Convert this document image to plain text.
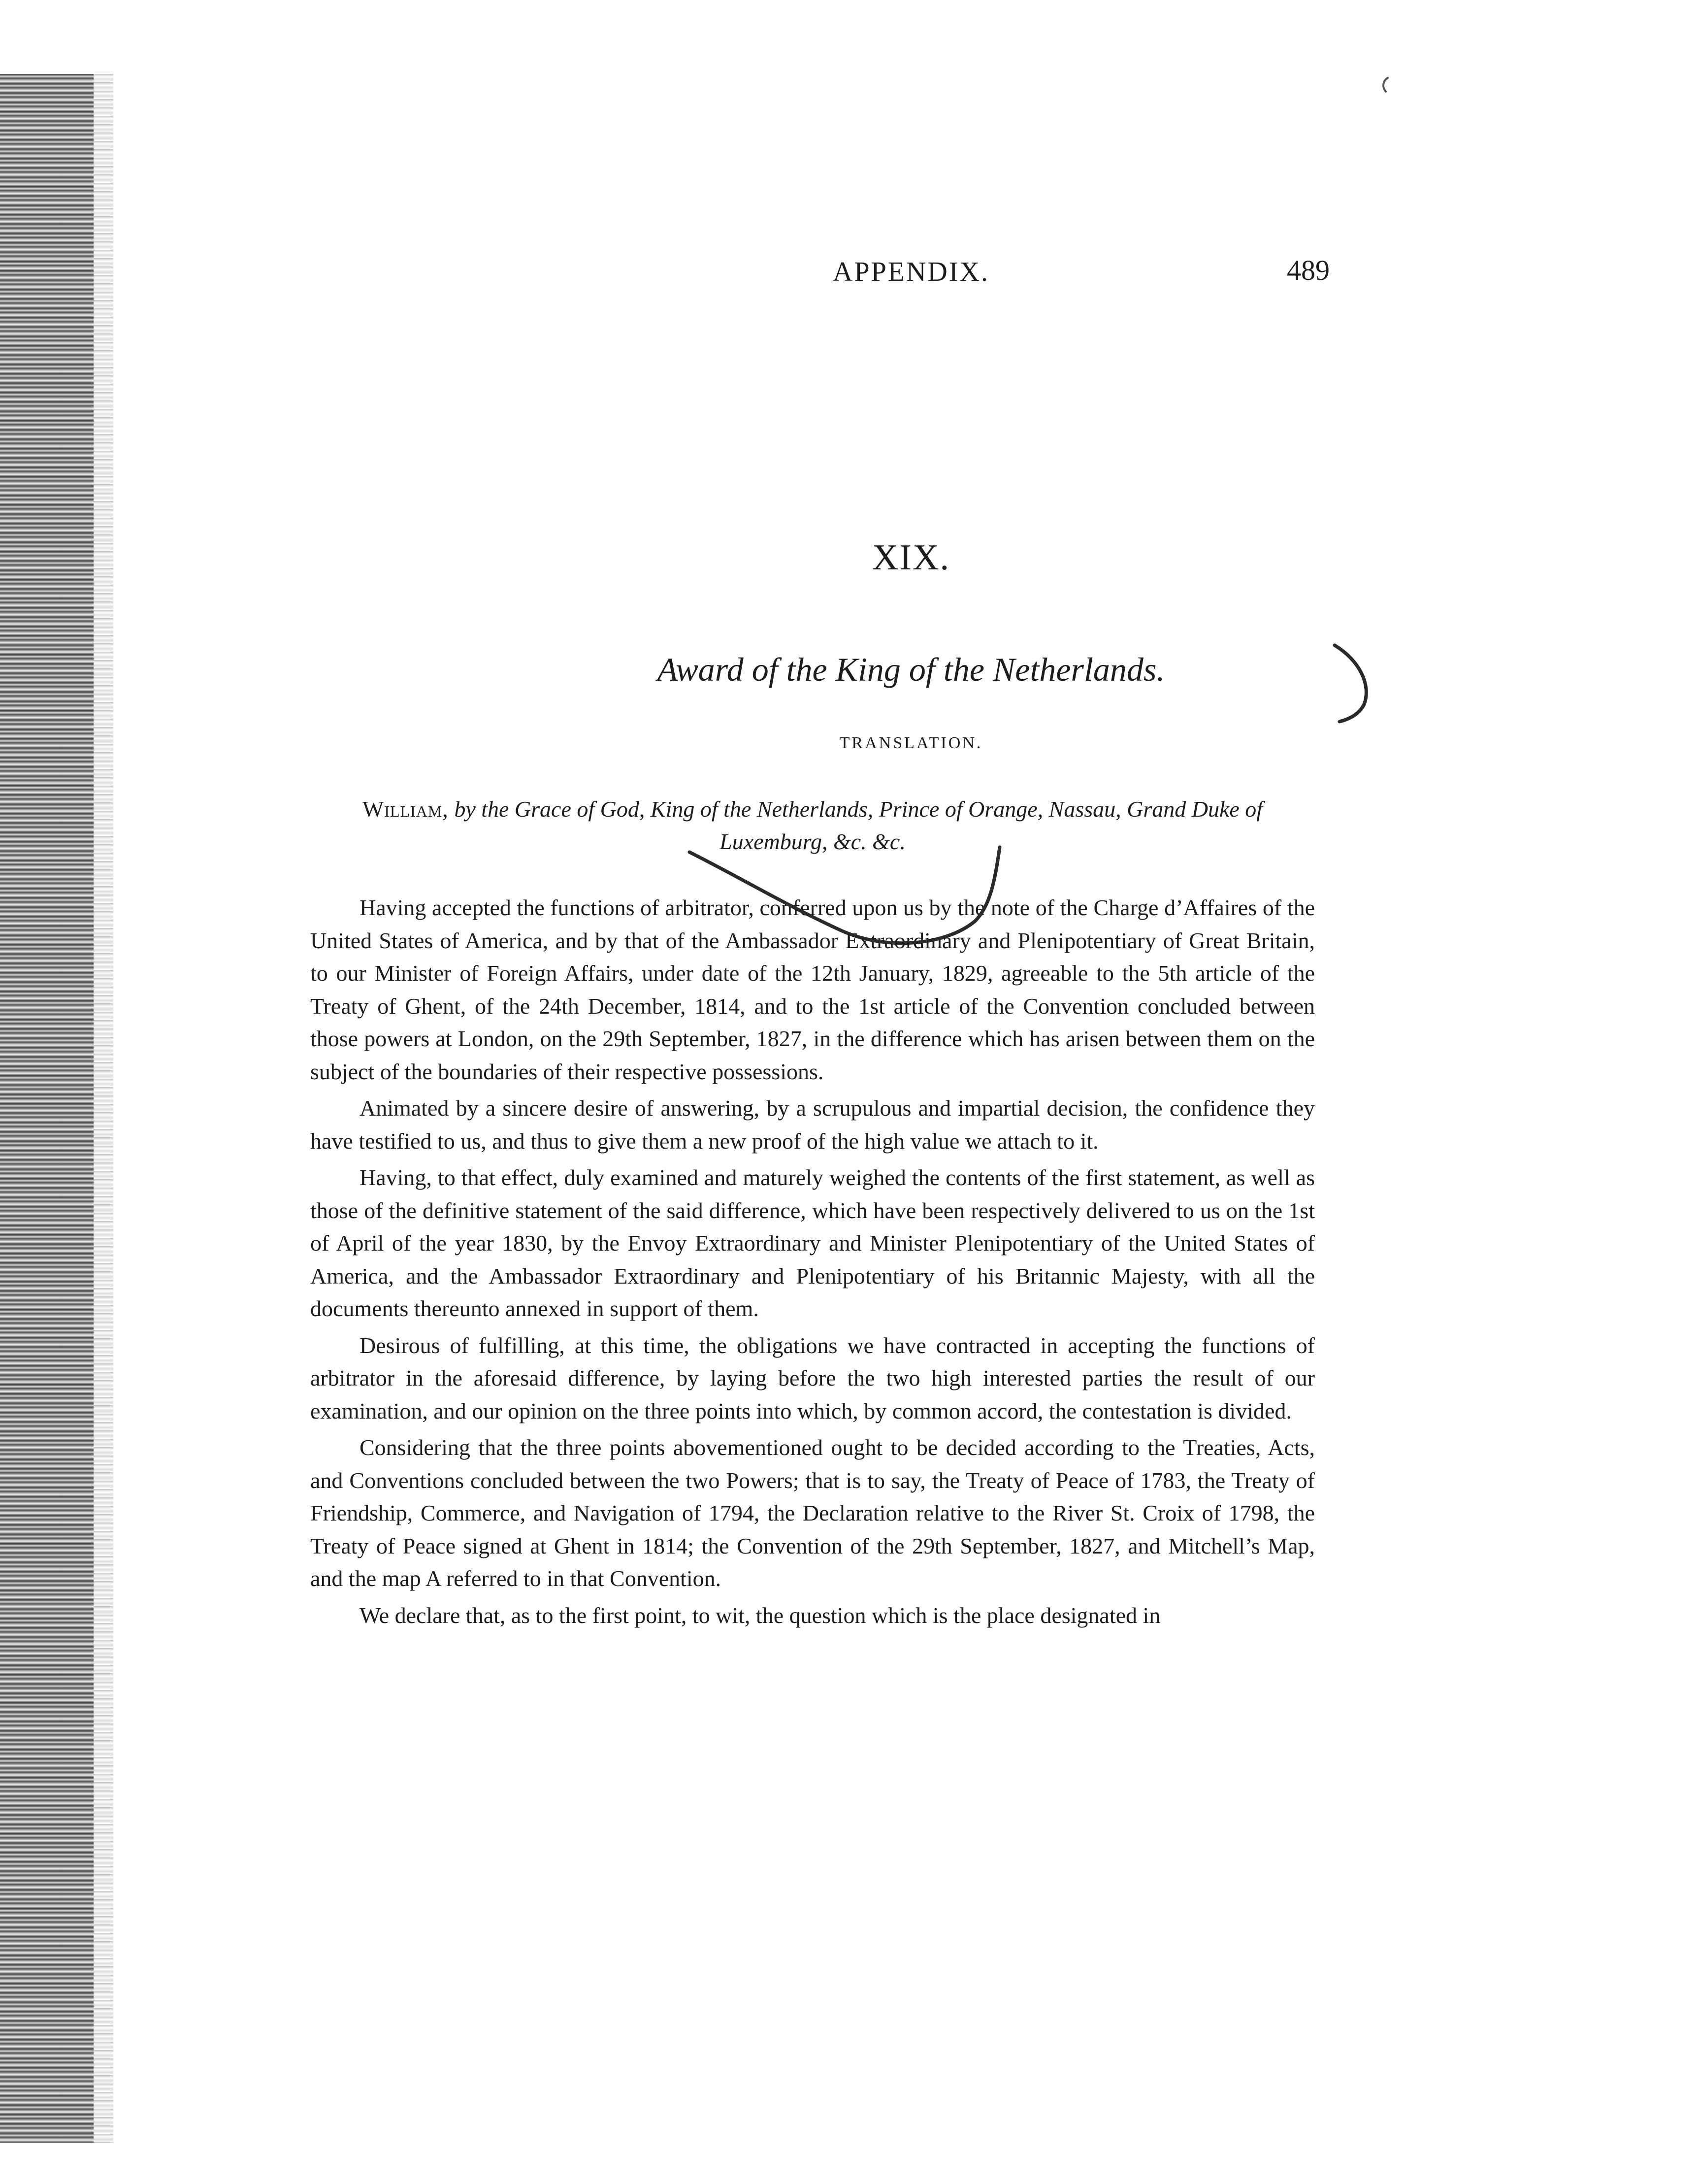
APPENDIX.	489
XIX.
Award of the King of the Netherlands.
TRANSLATION.
William, by the Grace of God, King of the Netherlands, Prince of Orange, Nassau, Grand Duke of Luxemburg, &c. &c.

Having accepted the functions of arbitrator, conferred upon us by the note of the Charge d’Affaires of the United States of America, and by that of the Ambassador Extraordinary and Plenipotentiary of Great Britain, to our Minister of Foreign Affairs, under date of the 12th January, 1829, agreeable to the 5th article of the Treaty of Ghent, of the 24th December, 1814, and to the 1st article of the Convention concluded between those powers at London, on the 29th September, 1827, in the difference which has arisen between them on the subject of the boundaries of their respective possessions.

Animated by a sincere desire of answering, by a scrupulous and impartial decision, the confidence they have testified to us, and thus to give them a new proof of the high value we attach to it.

Having, to that effect, duly examined and maturely weighed the contents of the first statement, as well as those of the definitive statement of the said difference, which have been respectively delivered to us on the 1st of April of the year 1830, by the Envoy Extraordinary and Minister Plenipotentiary of the United States of America, and the Ambassador Extraordinary and Plenipotentiary of his Britannic Majesty, with all the documents thereunto annexed in support of them.

Desirous of fulfilling, at this time, the obligations we have contracted in accepting the functions of arbitrator in the aforesaid difference, by laying before the two high interested parties the result of our examination, and our opinion on the three points into which, by common accord, the contestation is divided.

Considering that the three points abovementioned ought to be decided according to the Treaties, Acts, and Conventions concluded between the two Powers; that is to say, the Treaty of Peace of 1783, the Treaty of Friendship, Commerce, and Navigation of 1794, the Declaration relative to the River St. Croix of 1798, the Treaty of Peace signed at Ghent in 1814; the Convention of the 29th September, 1827, and Mitchell’s Map, and the map A referred to in that Convention.

We declare that, as to the first point, to wit, the question which is the place designated in
